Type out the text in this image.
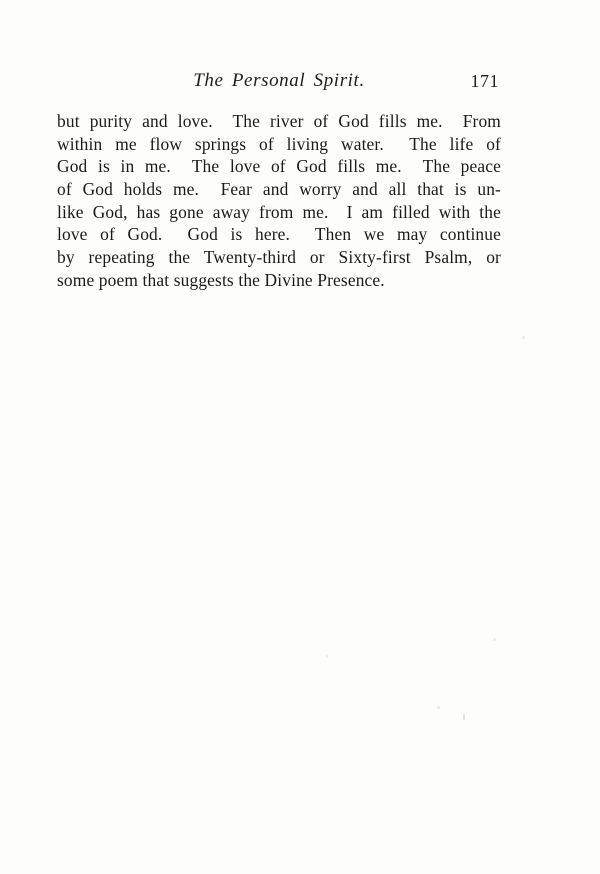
The Personal Spirit.	171
but purity and love.  The river of God fills me.  From
within me flow springs of living water.  The life of
God is in me.  The love of God fills me.  The peace
of God holds me.  Fear and worry and all that is un-
like God, has gone away from me.  I am filled with the
love of God.  God is here.  Then we may continue
by repeating the Twenty-third or Sixty-first Psalm, or
some poem that suggests the Divine Presence.
